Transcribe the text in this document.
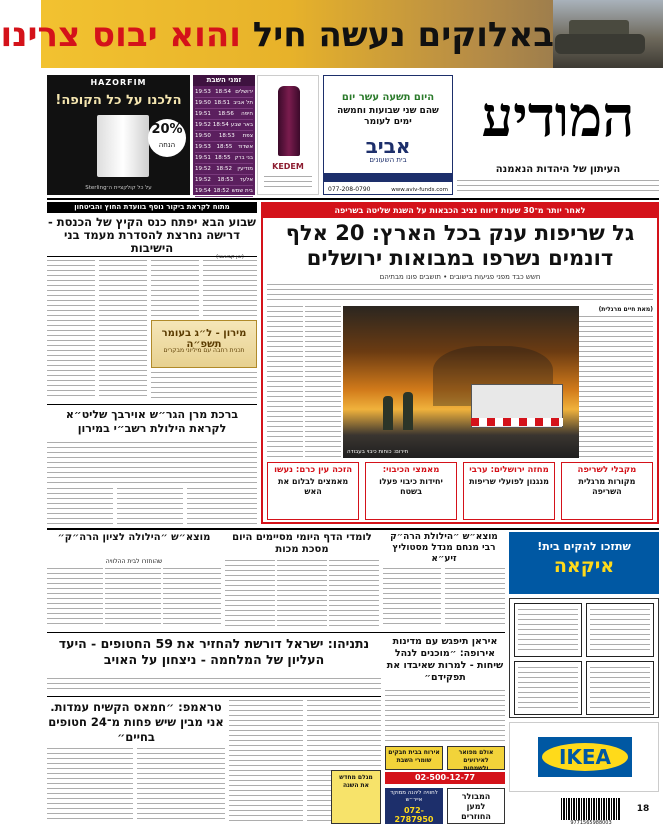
באלוקים נעשה חיל והוא יבוס צרינו
HAZORFIM
הלכנו על כל הקופה!
20%
הנחה
על כל קולקציית ה־Sterling
זמני השבת
ירושלים
18:54
19:53
תל אביב
18:51
19:50
חיפה
18:56
19:51
באר שבע
18:54
19:52
צפת
18:53
19:50
אשדוד
18:55
19:53
בני ברק
18:55
19:51
מודיעין
18:52
19:52
אלעד
18:53
19:52
בית שמש
18:52
19:54
KEDEM
היום תשעה עשר יום
שהם שני שבועות וחמשה ימים לעומר
אביב
בית השעונים
077-208-0790	www.aviv-funds.com
המודיע
העיתון של היהדות הנאמנה
מתוח לקראת ביקור נוסף בוועדת החוץ והביטחון
שבוע הבא יפתח כנס הקיץ של הכנסת - דרישה נחרצת להסדרת מעמד בני הישיבות
(ינון קבאשני)
מירון - ל״ג בעומר תשפ״ה
תכנית רחבה עם מיליוני מבקרים
ברכת מרן הגר״ש אוירבך שליט״א לקראת הילולת רשב״י במירון
לאחר יותר מ־30 שעות דיווח נציב הכבאות על השגת שליטה בשריפה
גל שריפות ענק בכל הארץ: 20 אלף דונמים נשרפו במבואות ירושלים
חשש כבד מפני פגיעות בישובים • תושבים פונו מבתיהם
(מאת חיים מרגלית)
חירום: כוחות כיבוי בעבודה
מקבלי לשריפה
מקורות מרגלית השריפה
מחזה ירושלים: ערבי
מנגנון לפועלי שריפות
מאמצי הכיבוי:
יחידות כיבוי פעלו בשטח
הזכה עין כרם: נעשו
מאמצים לבלום את האש
שתזכו להקים בית!
איקאה
IKEA
מוצא״ש ״הילולת הרה״ק רבי מנחם מנדל מסטוליץ זיע״א
לומדי הדף היומי מסיימים היום מסכת מכות
מוצא״ש ״הילולה לציון הרה״ק״
שהוחזרו לבית ההלוויה
נתניהו: ישראל דורשת להחזיר את 59 החטופים - היעד העליון של המלחמה - ניצחון על האויב
איראן תיפגש עם מדינות אירופה: ״מוכנים לנהל שיחות - למרות שאיבדו את תפקידם״
טראמפ: ״חמאס הקשיח עמדות. אני מבין שיש פחות מ־24 חטופים בחיים״
אירוח בבית חבקים שומרי השבת
אולם מפואר לאירועים ולשמחות
02-500-12-77
לחוויה ליהנה ממוקד אייר״ש
072-2787950
המבולר למען החוזרים
מגלם מחדש את השנה
9771565988003
18
